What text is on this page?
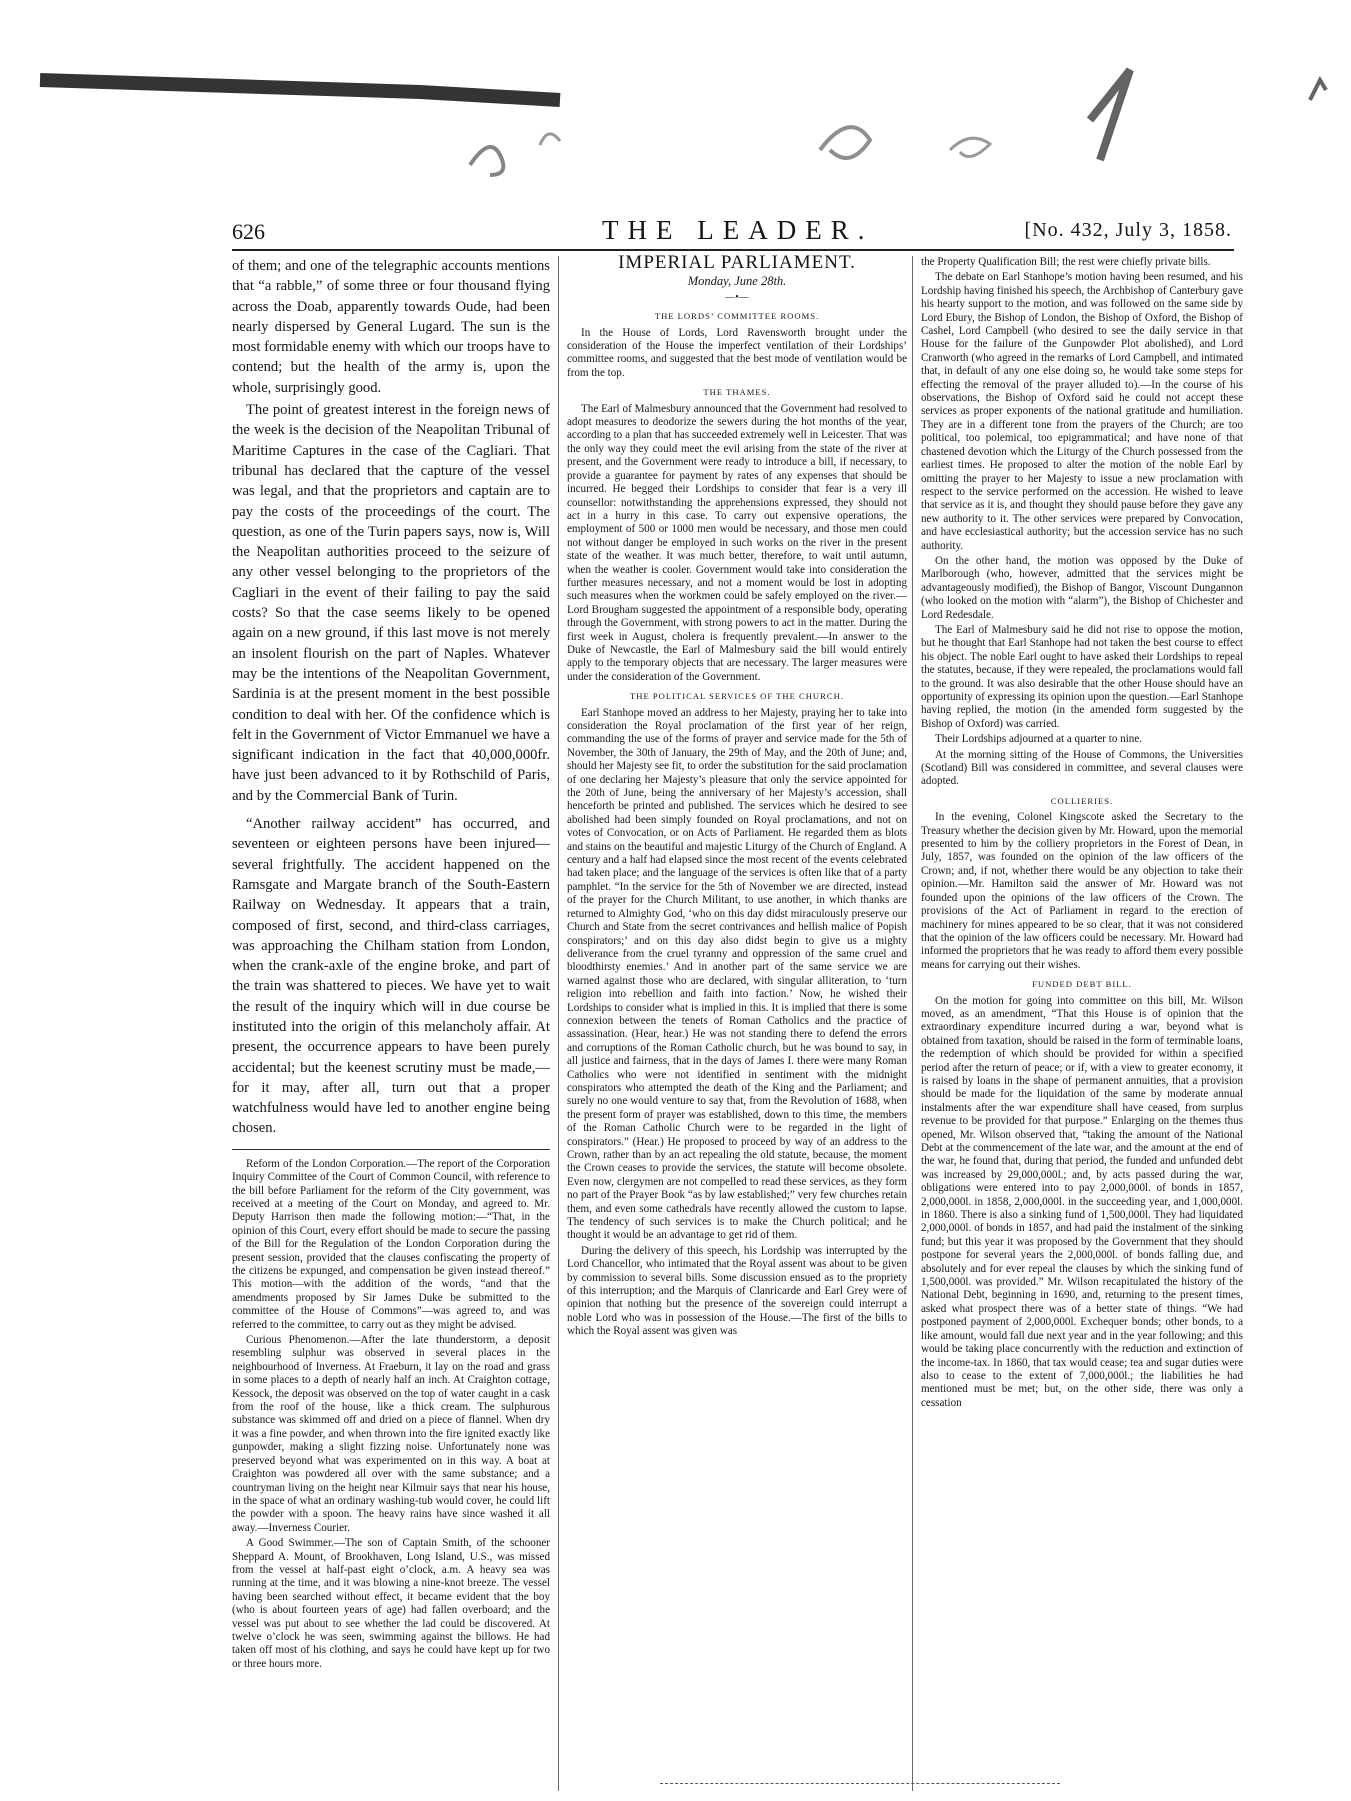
626	THE LEADER.	[No. 432, July 3, 1858.

of them; and one of the telegraphic accounts mentions that “a rabble,” of some three or four thousand flying across the Doab, apparently towards Oude, had been nearly dispersed by General Lugard. The sun is the most formidable enemy with which our troops have to contend; but the health of the army is, upon the whole, surprisingly good.

The point of greatest interest in the foreign news of the week is the decision of the Neapolitan Tribunal of Maritime Captures in the case of the Cagliari. That tribunal has declared that the capture of the vessel was legal, and that the proprietors and captain are to pay the costs of the proceedings of the court. The question, as one of the Turin papers says, now is, Will the Neapolitan authorities proceed to the seizure of any other vessel belonging to the proprietors of the Cagliari in the event of their failing to pay the said costs? So that the case seems likely to be opened again on a new ground, if this last move is not merely an insolent flourish on the part of Naples. Whatever may be the intentions of the Neapolitan Government, Sardinia is at the present moment in the best possible condition to deal with her. Of the confidence which is felt in the Government of Victor Emmanuel we have a significant indication in the fact that 40,000,000fr. have just been advanced to it by Rothschild of Paris, and by the Commercial Bank of Turin.

“Another railway accident” has occurred, and seventeen or eighteen persons have been injured—several frightfully. The accident happened on the Ramsgate and Margate branch of the South-Eastern Railway on Wednesday. It appears that a train, composed of first, second, and third-class carriages, was approaching the Chilham station from London, when the crank-axle of the engine broke, and part of the train was shattered to pieces. We have yet to wait the result of the inquiry which will in due course be instituted into the origin of this melancholy affair. At present, the occurrence appears to have been purely accidental; but the keenest scrutiny must be made,—for it may, after all, turn out that a proper watchfulness would have led to another engine being chosen.

Reform of the London Corporation.—The report of the Corporation Inquiry Committee of the Court of Common Council, with reference to the bill before Parliament for the reform of the City government, was received at a meeting of the Court on Monday, and agreed to. Mr. Deputy Harrison then made the following motion:—“That, in the opinion of this Court, every effort should be made to secure the passing of the Bill for the Regulation of the London Corporation during the present session, provided that the clauses confiscating the property of the citizens be expunged, and compensation be given instead thereof.” This motion—with the addition of the words, “and that the amendments proposed by Sir James Duke be submitted to the committee of the House of Commons”—was agreed to, and was referred to the committee, to carry out as they might be advised.

Curious Phenomenon.—After the late thunderstorm, a deposit resembling sulphur was observed in several places in the neighbourhood of Inverness. At Fraeburn, it lay on the road and grass in some places to a depth of nearly half an inch. At Craighton cottage, Kessock, the deposit was observed on the top of water caught in a cask from the roof of the house, like a thick cream. The sulphurous substance was skimmed off and dried on a piece of flannel. When dry it was a fine powder, and when thrown into the fire ignited exactly like gunpowder, making a slight fizzing noise. Unfortunately none was preserved beyond what was experimented on in this way. A boat at Craighton was powdered all over with the same substance; and a countryman living on the height near Kilmuir says that near his house, in the space of what an ordinary washing-tub would cover, he could lift the powder with a spoon. The heavy rains have since washed it all away.—Inverness Courier.

A Good Swimmer.—The son of Captain Smith, of the schooner Sheppard A. Mount, of Brookhaven, Long Island, U.S., was missed from the vessel at half-past eight o’clock, a.m. A heavy sea was running at the time, and it was blowing a nine-knot breeze. The vessel having been searched without effect, it became evident that the boy (who is about fourteen years of age) had fallen overboard; and the vessel was put about to see whether the lad could be discovered. At twelve o’clock he was seen, swimming against the billows. He had taken off most of his clothing, and says he could have kept up for two or three hours more.

IMPERIAL PARLIAMENT.
Monday, June 28th.
—•—
THE LORDS’ COMMITTEE ROOMS.

In the House of Lords, Lord Ravensworth brought under the consideration of the House the imperfect ventilation of their Lordships’ committee rooms, and suggested that the best mode of ventilation would be from the top.

THE THAMES.

The Earl of Malmesbury announced that the Government had resolved to adopt measures to deodorize the sewers during the hot months of the year, according to a plan that has succeeded extremely well in Leicester. That was the only way they could meet the evil arising from the state of the river at present, and the Government were ready to introduce a bill, if necessary, to provide a guarantee for payment by rates of any expenses that should be incurred. He begged their Lordships to consider that fear is a very ill counsellor: notwithstanding the apprehensions expressed, they should not act in a hurry in this case. To carry out expensive operations, the employment of 500 or 1000 men would be necessary, and those men could not without danger be employed in such works on the river in the present state of the weather. It was much better, therefore, to wait until autumn, when the weather is cooler. Government would take into consideration the further measures necessary, and not a moment would be lost in adopting such measures when the workmen could be safely employed on the river.—Lord Brougham suggested the appointment of a responsible body, operating through the Government, with strong powers to act in the matter. During the first week in August, cholera is frequently prevalent.—In answer to the Duke of Newcastle, the Earl of Malmesbury said the bill would entirely apply to the temporary objects that are necessary. The larger measures were under the consideration of the Government.

THE POLITICAL SERVICES OF THE CHURCH.

Earl Stanhope moved an address to her Majesty, praying her to take into consideration the Royal proclamation of the first year of her reign, commanding the use of the forms of prayer and service made for the 5th of November, the 30th of January, the 29th of May, and the 20th of June; and, should her Majesty see fit, to order the substitution for the said proclamation of one declaring her Majesty’s pleasure that only the service appointed for the 20th of June, being the anniversary of her Majesty’s accession, shall henceforth be printed and published. The services which he desired to see abolished had been simply founded on Royal proclamations, and not on votes of Convocation, or on Acts of Parliament. He regarded them as blots and stains on the beautiful and majestic Liturgy of the Church of England. A century and a half had elapsed since the most recent of the events celebrated had taken place; and the language of the services is often like that of a party pamphlet. “In the service for the 5th of November we are directed, instead of the prayer for the Church Militant, to use another, in which thanks are returned to Almighty God, ‘who on this day didst miraculously preserve our Church and State from the secret contrivances and hellish malice of Popish conspirators;’ and on this day also didst begin to give us a mighty deliverance from the cruel tyranny and oppression of the same cruel and bloodthirsty enemies.’ And in another part of the same service we are warned against those who are declared, with singular alliteration, to ‘turn religion into rebellion and faith into faction.’ Now, he wished their Lordships to consider what is implied in this. It is implied that there is some connexion between the tenets of Roman Catholics and the practice of assassination. (Hear, hear.) He was not standing there to defend the errors and corruptions of the Roman Catholic church, but he was bound to say, in all justice and fairness, that in the days of James I. there were many Roman Catholics who were not identified in sentiment with the midnight conspirators who attempted the death of the King and the Parliament; and surely no one would venture to say that, from the Revolution of 1688, when the present form of prayer was established, down to this time, the members of the Roman Catholic Church were to be regarded in the light of conspirators.” (Hear.) He proposed to proceed by way of an address to the Crown, rather than by an act repealing the old statute, because, the moment the Crown ceases to provide the services, the statute will become obsolete. Even now, clergymen are not compelled to read these services, as they form no part of the Prayer Book “as by law established;” very few churches retain them, and even some cathedrals have recently allowed the custom to lapse. The tendency of such services is to make the Church political; and he thought it would be an advantage to get rid of them.

During the delivery of this speech, his Lordship was interrupted by the Lord Chancellor, who intimated that the Royal assent was about to be given by commission to several bills. Some discussion ensued as to the propriety of this interruption; and the Marquis of Clanricarde and Earl Grey were of opinion that nothing but the presence of the sovereign could interrupt a noble Lord who was in possession of the House.—The first of the bills to which the Royal assent was given was

the Property Qualification Bill; the rest were chiefly private bills.

The debate on Earl Stanhope’s motion having been resumed, and his Lordship having finished his speech, the Archbishop of Canterbury gave his hearty support to the motion, and was followed on the same side by Lord Ebury, the Bishop of London, the Bishop of Oxford, the Bishop of Cashel, Lord Campbell (who desired to see the daily service in that House for the failure of the Gunpowder Plot abolished), and Lord Cranworth (who agreed in the remarks of Lord Campbell, and intimated that, in default of any one else doing so, he would take some steps for effecting the removal of the prayer alluded to).—In the course of his observations, the Bishop of Oxford said he could not accept these services as proper exponents of the national gratitude and humiliation. They are in a different tone from the prayers of the Church; are too political, too polemical, too epigrammatical; and have none of that chastened devotion which the Liturgy of the Church possessed from the earliest times. He proposed to alter the motion of the noble Earl by omitting the prayer to her Majesty to issue a new proclamation with respect to the service performed on the accession. He wished to leave that service as it is, and thought they should pause before they gave any new authority to it. The other services were prepared by Convocation, and have ecclesiastical authority; but the accession service has no such authority.

On the other hand, the motion was opposed by the Duke of Marlborough (who, however, admitted that the services might be advantageously modified), the Bishop of Bangor, Viscount Dungannon (who looked on the motion with “alarm”), the Bishop of Chichester and Lord Redesdale.

The Earl of Malmesbury said he did not rise to oppose the motion, but he thought that Earl Stanhope had not taken the best course to effect his object. The noble Earl ought to have asked their Lordships to repeal the statutes, because, if they were repealed, the proclamations would fall to the ground. It was also desirable that the other House should have an opportunity of expressing its opinion upon the question.—Earl Stanhope having replied, the motion (in the amended form suggested by the Bishop of Oxford) was carried.

Their Lordships adjourned at a quarter to nine.

At the morning sitting of the House of Commons, the Universities (Scotland) Bill was considered in committee, and several clauses were adopted.

COLLIERIES.

In the evening, Colonel Kingscote asked the Secretary to the Treasury whether the decision given by Mr. Howard, upon the memorial presented to him by the colliery proprietors in the Forest of Dean, in July, 1857, was founded on the opinion of the law officers of the Crown; and, if not, whether there would be any objection to take their opinion.—Mr. Hamilton said the answer of Mr. Howard was not founded upon the opinions of the law officers of the Crown. The provisions of the Act of Parliament in regard to the erection of machinery for mines appeared to be so clear, that it was not considered that the opinion of the law officers could be necessary. Mr. Howard had informed the proprietors that he was ready to afford them every possible means for carrying out their wishes.

FUNDED DEBT BILL.

On the motion for going into committee on this bill, Mr. Wilson moved, as an amendment, “That this House is of opinion that the extraordinary expenditure incurred during a war, beyond what is obtained from taxation, should be raised in the form of terminable loans, the redemption of which should be provided for within a specified period after the return of peace; or if, with a view to greater economy, it is raised by loans in the shape of permanent annuities, that a provision should be made for the liquidation of the same by moderate annual instalments after the war expenditure shall have ceased, from surplus revenue to be provided for that purpose.” Enlarging on the themes thus opened, Mr. Wilson observed that, “taking the amount of the National Debt at the commencement of the late war, and the amount at the end of the war, he found that, during that period, the funded and unfunded debt was increased by 29,000,000l.; and, by acts passed during the war, obligations were entered into to pay 2,000,000l. of bonds in 1857, 2,000,000l. in 1858, 2,000,000l. in the succeeding year, and 1,000,000l. in 1860. There is also a sinking fund of 1,500,000l. They had liquidated 2,000,000l. of bonds in 1857, and had paid the instalment of the sinking fund; but this year it was proposed by the Government that they should postpone for several years the 2,000,000l. of bonds falling due, and absolutely and for ever repeal the clauses by which the sinking fund of 1,500,000l. was provided.” Mr. Wilson recapitulated the history of the National Debt, beginning in 1690, and, returning to the present times, asked what prospect there was of a better state of things. “We had postponed payment of 2,000,000l. Exchequer bonds; other bonds, to a like amount, would fall due next year and in the year following; and this would be taking place concurrently with the reduction and extinction of the income-tax. In 1860, that tax would cease; tea and sugar duties were also to cease to the extent of 7,000,000l.; the liabilities he had mentioned must be met; but, on the other side, there was only a cessation
